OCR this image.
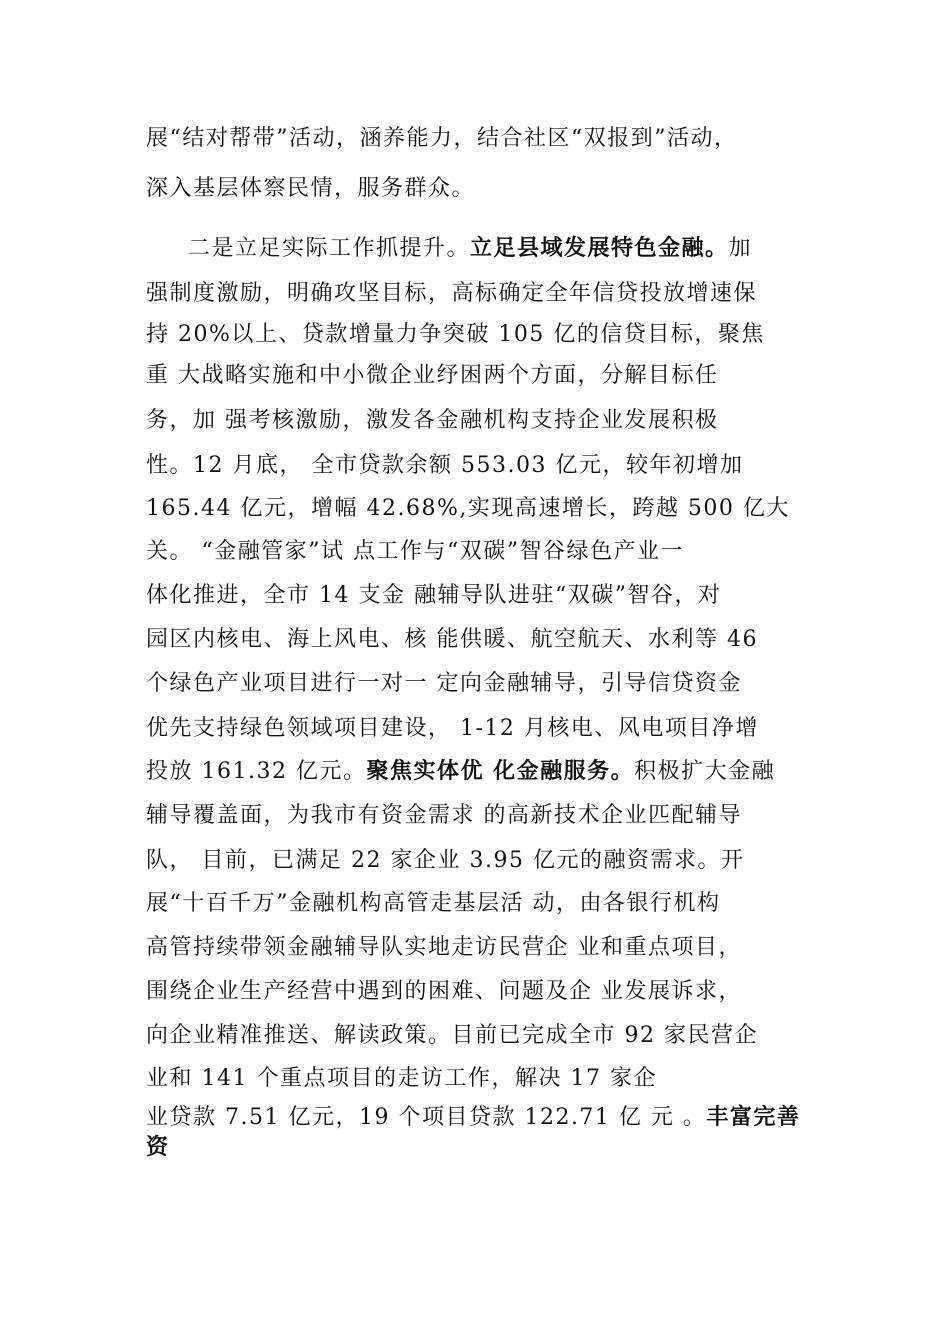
展“结对帮带”活动，涵养能力，结合社区“双报到”活动，
深入基层体察民情，服务群众。
二是立足实际工作抓提升。立足县域发展特色金融。加
强制度激励，明确攻坚目标，高标确定全年信贷投放增速保
持 20%以上、贷款增量力争突破 105 亿的信贷目标，聚焦
重 大战略实施和中小微企业纾困两个方面，分解目标任
务，加 强考核激励，激发各金融机构支持企业发展积极
性。12 月底， 全市贷款余额 553.03 亿元，较年初增加
165.44 亿元，增幅 42.68%,实现高速增长，跨越 500 亿大
关。 “金融管家”试 点工作与“双碳”智谷绿色产业一
体化推进，全市 14 支金 融辅导队进驻“双碳”智谷，对
园区内核电、海上风电、核 能供暖、航空航天、水利等 46
个绿色产业项目进行一对一 定向金融辅导，引导信贷资金
优先支持绿色领域项目建设， 1-12 月核电、风电项目净增
投放 161.32 亿元。聚焦实体优 化金融服务。积极扩大金融
辅导覆盖面，为我市有资金需求 的高新技术企业匹配辅导
队， 目前，已满足 22 家企业 3.95 亿元的融资需求。开
展“十百千万”金融机构高管走基层活 动，由各银行机构
高管持续带领金融辅导队实地走访民营企 业和重点项目，
围绕企业生产经营中遇到的困难、问题及企 业发展诉求，
向企业精准推送、解读政策。目前已完成全市 92 家民营企
业和 141 个重点项目的走访工作，解决 17 家企
业贷款 7.51 亿元，19 个项目贷款 122.71 亿 元 。丰富完善
资
